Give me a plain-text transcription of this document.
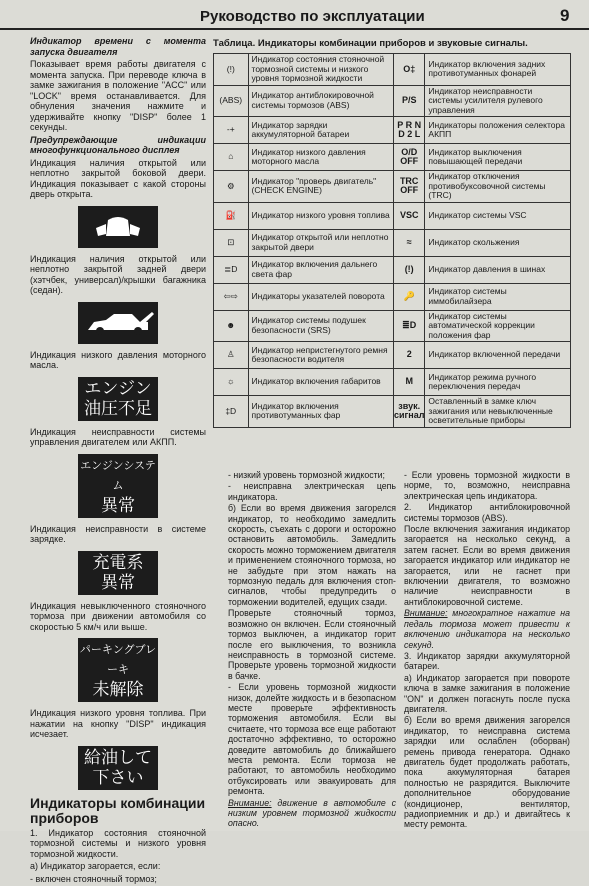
Руководство по эксплуатации	9

Индикатор времени с момента запуска двигателя

Показывает время работы двигателя с момента запуска. При переводе ключа в замке зажигания в положение "ACC" или "LOCK" время останавливается. Для обнуления значения нажмите и удерживайте кнопку "DISP" более 1 секунды.

Предупреждающие индикации многофункционального дисплея

Индикация наличия открытой или неплотно закрытой боковой двери. Индикация показывает с какой стороны дверь открыта.

Индикация наличия открытой или неплотно закрытой задней двери (хэтчбек, универсал)/крышки багажника (седан).

Индикация низкого давления моторного масла.

エンジン
油圧不足

Индикация неисправности системы управления двигателем или АКПП.

エンジンシステム
異常

Индикация неисправности в системе зарядке.

充電系
異常

Индикация невыключенного стояночного тормоза при движении автомобиля со скоростью 5 км/ч или выше.

パーキングブレーキ
未解除

Индикация низкого уровня топлива. При нажатии на кнопку "DISP" индикация исчезает.

給油して
下さい
Индикаторы комбинации приборов

1. Индикатор состояния стояночной тормозной системы и низкого уровня тормозной жидкости.

а) Индикатор загорается, если:

- включен стояночный тормоз;

Таблица. Индикаторы комбинации приборов и звуковые сигналы.
(!)	Индикатор состояния стояночной тормозной системы и низкого уровня тормозной жидкости	O‡	Индикатор включения задних противотуманных фонарей
(ABS)	Индикатор антиблокировочной системы тормозов (ABS)	P/S	Индикатор неисправности системы усилителя рулевого управления
-+	Индикатор зарядки аккумуляторной батареи	P R N D 2 L	Индикаторы положения селектора АКПП
⌂	Индикатор низкого давления моторного масла	O/D OFF	Индикатор выключения повышающей передачи
⚙	Индикатор "проверь двигатель" (CHECK ENGINE)	TRC OFF	Индикатор отключения противобуксовочной системы (TRC)
⛽	Индикатор низкого уровня топлива	VSC	Индикатор системы VSC
⊡	Индикатор открытой или неплотно закрытой двери	≈	Индикатор скольжения
≣D	Индикатор включения дальнего света фар	(!)	Индикатор давления в шинах
⇦⇨	Индикаторы указателей поворота	🔑	Индикатор системы иммобилайзера
☻	Индикатор системы подушек безопасности (SRS)	≣D	Индикатор системы автоматической коррекции положения фар
♙	Индикатор непристегнутого ремня безопасности водителя	2	Индикатор включенной передачи
☼	Индикатор включения габаритов	M	Индикатор режима ручного переключения передач
‡D	Индикатор включения противотуманных фар	звук. сигнал	Оставленный в замке ключ зажигания или невыключенные осветительные приборы

- низкий уровень тормозной жидкости;

- неисправна электрическая цепь индикатора.

б) Если во время движения загорелся индикатор, то необходимо замедлить скорость, съехать с дороги и осторожно остановить автомобиль. Замедлить скорость можно торможением двигателя и применением стояночного тормоза, но не забудьте при этом нажать на тормозную педаль для включения стоп-сигналов, чтобы предупредить о торможении водителей, едущих сзади.

Проверьте стояночный тормоз, возможно он включен. Если стояночный тормоз выключен, а индикатор горит после его выключения, то возникла неисправность в тормозной системе. Проверьте уровень тормозной жидкости в бачке.

- Если уровень тормозной жидкости низок, долейте жидкость и в безопасном месте проверьте эффективность торможения автомобиля. Если вы считаете, что тормоза все еще работают достаточно эффективно, то осторожно доведите автомобиль до ближайшего места ремонта. Если тормоза не работают, то автомобиль необходимо отбуксировать или эвакуировать для ремонта.

Внимание: движение в автомобиле с низким уровнем тормозной жидкости опасно.

- Если уровень тормозной жидкости в норме, то, возможно, неисправна электрическая цепь индикатора.

2. Индикатор антиблокировочной системы тормозов (ABS).

После включения зажигания индикатор загорается на несколько секунд, а затем гаснет. Если во время движения загорается индикатор или индикатор не загорается, или не гаснет при включении двигателя, то возможно наличие неисправности в антиблокировочной системе.

Внимание: многократное нажатие на педаль тормоза может привести к включению индикатора на несколько секунд.

3. Индикатор зарядки аккумуляторной батареи.

а) Индикатор загорается при повороте ключа в замке зажигания в положение "ON" и должен погаснуть после пуска двигателя.

б) Если во время движения загорелся индикатор, то неисправна система зарядки или ослаблен (оборван) ремень привода генератора. Однако двигатель будет продолжать работать, пока аккумуляторная батарея полностью не разрядится. Выключите дополнительное оборудование (кондиционер, вентилятор, радиоприемник и др.) и двигайтесь к месту ремонта.
